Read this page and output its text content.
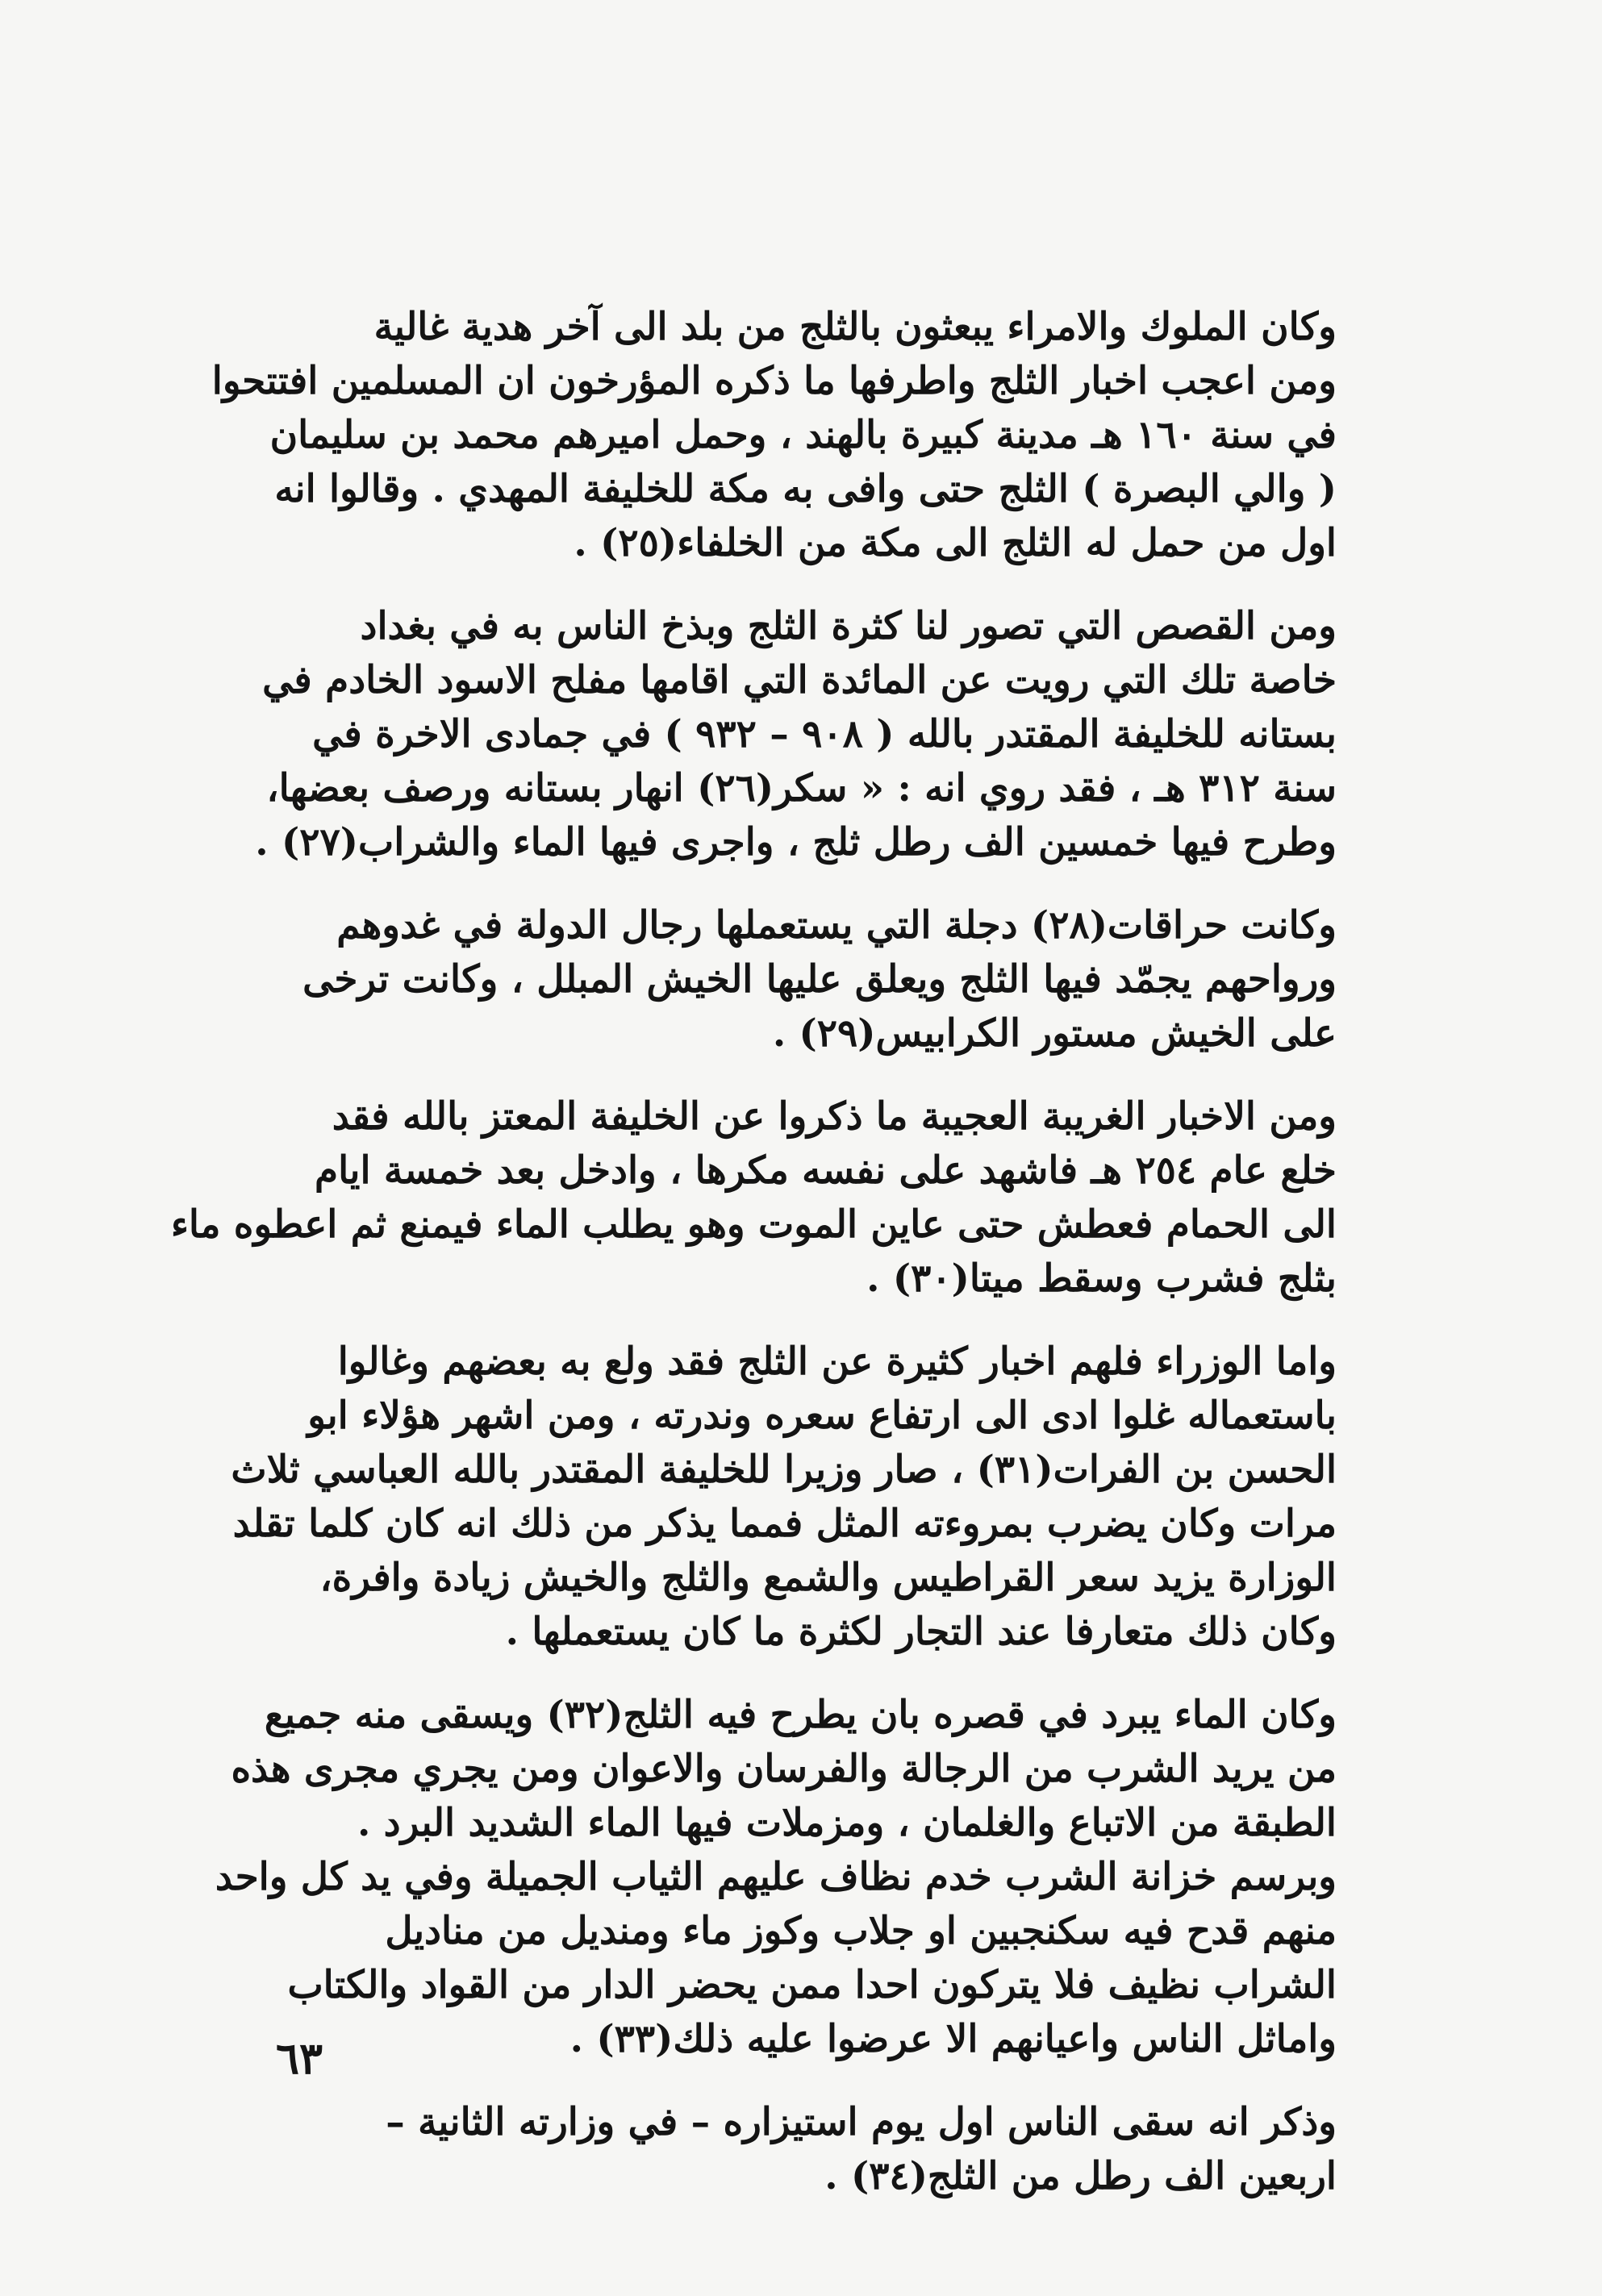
وكان الملوك والامراء يبعثون بالثلج من بلد الى آخر هدية غالية
ومن اعجب اخبار الثلج واطرفها ما ذكره المؤرخون ان المسلمين افتتحوا
في سنة ١٦٠ هـ مدينة كبيرة بالهند ، وحمل اميرهم محمد بن سليمان
( والي البصرة ) الثلج حتى وافى به مكة للخليفة المهدي . وقالوا انه
اول من حمل له الثلج الى مكة من الخلفاء(٢٥) .

ومن القصص التي تصور لنا كثرة الثلج وبذخ الناس به في بغداد
خاصة تلك التي رويت عن المائدة التي اقامها مفلح الاسود الخادم في
بستانه للخليفة المقتدر بالله ( ٩٠٨ – ٩٣٢ ) في جمادى الاخرة في
سنة ٣١٢ هـ ، فقد روي انه : « سكر(٢٦) انهار بستانه ورصف بعضها،
وطرح فيها خمسين الف رطل ثلج ، واجرى فيها الماء والشراب(٢٧) .

وكانت حراقات(٢٨) دجلة التي يستعملها رجال الدولة في غدوهم
ورواحهم يجمّد فيها الثلج ويعلق عليها الخيش المبلل ، وكانت ترخى
على الخيش مستور الكرابيس(٢٩) .

ومن الاخبار الغريبة العجيبة ما ذكروا عن الخليفة المعتز بالله فقد
خلع عام ٢٥٤ هـ فاشهد على نفسه مكرها ، وادخل بعد خمسة ايام
الى الحمام فعطش حتى عاين الموت وهو يطلب الماء فيمنع ثم اعطوه ماء
بثلج فشرب وسقط ميتا(٣٠) .

واما الوزراء فلهم اخبار كثيرة عن الثلج فقد ولع به بعضهم وغالوا
باستعماله غلوا ادى الى ارتفاع سعره وندرته ، ومن اشهر هؤلاء ابو
الحسن بن الفرات(٣١) ، صار وزيرا للخليفة المقتدر بالله العباسي ثلاث
مرات وكان يضرب بمروءته المثل فمما يذكر من ذلك انه كان كلما تقلد
الوزارة يزيد سعر القراطيس والشمع والثلج والخيش زيادة وافرة،
وكان ذلك متعارفا عند التجار لكثرة ما كان يستعملها .

وكان الماء يبرد في قصره بان يطرح فيه الثلج(٣٢) ويسقى منه جميع
من يريد الشرب من الرجالة والفرسان والاعوان ومن يجري مجرى هذه
الطبقة من الاتباع والغلمان ، ومزملات فيها الماء الشديد البرد .
وبرسم خزانة الشرب خدم نظاف عليهم الثياب الجميلة وفي يد كل واحد
منهم قدح فيه سكنجبين او جلاب وكوز ماء ومنديل من مناديل
الشراب نظيف فلا يتركون احدا ممن يحضر الدار من القواد والكتاب
واماثل الناس واعيانهم الا عرضوا عليه ذلك(٣٣) .

وذكر انه سقى الناس اول يوم استيزاره – في وزارته الثانية –
اربعين الف رطل من الثلج(٣٤) .

٦٣
